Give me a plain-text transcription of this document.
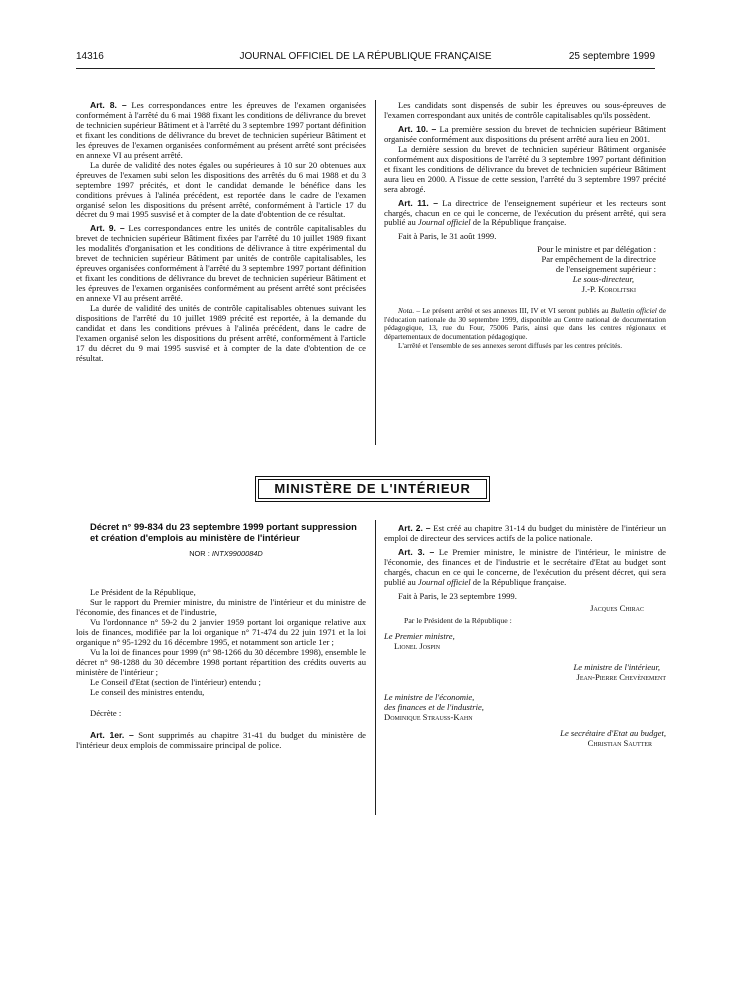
14316	JOURNAL OFFICIEL DE LA RÉPUBLIQUE FRANÇAISE	25 septembre 1999

Art. 8. – Les correspondances entre les épreuves de l'examen organisées conformément à l'arrêté du 6 mai 1988 fixant les conditions de délivrance du brevet de technicien supérieur Bâtiment et à l'arrêté du 3 septembre 1997 portant définition et fixant les conditions de délivrance du brevet de technicien supérieur Bâtiment et les épreuves de l'examen organisées conformément au présent arrêté sont précisées en annexe VI au présent arrêté.

La durée de validité des notes égales ou supérieures à 10 sur 20 obtenues aux épreuves de l'examen subi selon les dispositions des arrêtés du 6 mai 1988 et du 3 septembre 1997 précités, et dont le candidat demande le bénéfice dans les conditions prévues à l'alinéa précédent, est reportée dans le cadre de l'examen organisé selon les dispositions du présent arrêté, conformément à l'article 17 du décret du 9 mai 1995 susvisé et à compter de la date d'obtention de ce résultat.

Art. 9. – Les correspondances entre les unités de contrôle capitalisables du brevet de technicien supérieur Bâtiment fixées par l'arrêté du 10 juillet 1989 fixant les modalités d'organisation et les conditions de délivrance à titre expérimental du brevet de technicien supérieur Bâtiment par unités de contrôle capitalisables, les épreuves organisées conformément à l'arrêté du 3 septembre 1997 portant définition et fixant les conditions de délivrance du brevet de technicien supérieur Bâtiment et les épreuves de l'examen organisées conformément au présent arrêté sont précisées en annexe VI au présent arrêté.

La durée de validité des unités de contrôle capitalisables obtenues suivant les dispositions de l'arrêté du 10 juillet 1989 précité est reportée, à la demande du candidat et dans les conditions prévues à l'alinéa précédent, dans le cadre de l'examen organisé selon les dispositions du présent arrêté, conformément à l'article 17 du décret du 9 mai 1995 susvisé et à compter de la date d'obtention de ce résultat.

Les candidats sont dispensés de subir les épreuves ou sous-épreuves de l'examen correspondant aux unités de contrôle capitalisables qu'ils possèdent.

Art. 10. – La première session du brevet de technicien supérieur Bâtiment organisée conformément aux dispositions du présent arrêté aura lieu en 2001.

La dernière session du brevet de technicien supérieur Bâtiment organisée conformément aux dispositions de l'arrêté du 3 septembre 1997 portant définition et fixant les conditions de délivrance du brevet de technicien supérieur Bâtiment aura lieu en 2000. A l'issue de cette session, l'arrêté du 3 septembre 1997 précité sera abrogé.

Art. 11. – La directrice de l'enseignement supérieur et les recteurs sont chargés, chacun en ce qui le concerne, de l'exécution du présent arrêté, qui sera publié au Journal officiel de la République française.

Fait à Paris, le 31 août 1999.

Pour le ministre et par délégation :
Par empêchement de la directrice
de l'enseignement supérieur :
Le sous-directeur,
J.-P. Korolitski

Nota. – Le présent arrêté et ses annexes III, IV et VI seront publiés au Bulletin officiel de l'éducation nationale du 30 septembre 1999, disponible au Centre national de documentation pédagogique, 13, rue du Four, 75006 Paris, ainsi que dans les centres régionaux et départementaux de documentation pédagogique.

L'arrêté et l'ensemble de ses annexes seront diffusés par les centres précités.

MINISTÈRE DE L'INTÉRIEUR
Décret n° 99-834 du 23 septembre 1999 portant suppression et création d'emplois au ministère de l'intérieur
NOR : INTX9900084D

Le Président de la République,

Sur le rapport du Premier ministre, du ministre de l'intérieur et du ministre de l'économie, des finances et de l'industrie,

Vu l'ordonnance n° 59-2 du 2 janvier 1959 portant loi organique relative aux lois de finances, modifiée par la loi organique n° 71-474 du 22 juin 1971 et la loi organique n° 95-1292 du 16 décembre 1995, et notamment son article 1er ;

Vu la loi de finances pour 1999 (n° 98-1266 du 30 décembre 1998), ensemble le décret n° 98-1288 du 30 décembre 1998 portant répartition des crédits ouverts au ministère de l'intérieur ;

Le Conseil d'Etat (section de l'intérieur) entendu ;

Le conseil des ministres entendu,

Décrète :

Art. 1er. – Sont supprimés au chapitre 31-41 du budget du ministère de l'intérieur deux emplois de commissaire principal de police.

Art. 2. – Est créé au chapitre 31-14 du budget du ministère de l'intérieur un emploi de directeur des services actifs de la police nationale.

Art. 3. – Le Premier ministre, le ministre de l'intérieur, le ministre de l'économie, des finances et de l'industrie et le secrétaire d'Etat au budget sont chargés, chacun en ce qui le concerne, de l'exécution du présent décret, qui sera publié au Journal officiel de la République française.

Fait à Paris, le 23 septembre 1999.

Jacques Chirac
Par le Président de la République :
Le Premier ministre,
Lionel Jospin
Le ministre de l'intérieur,
Jean-Pierre Chevènement
Le ministre de l'économie,
des finances et de l'industrie,
Dominique Strauss-Kahn
Le secrétaire d'Etat au budget,
Christian Sautter
